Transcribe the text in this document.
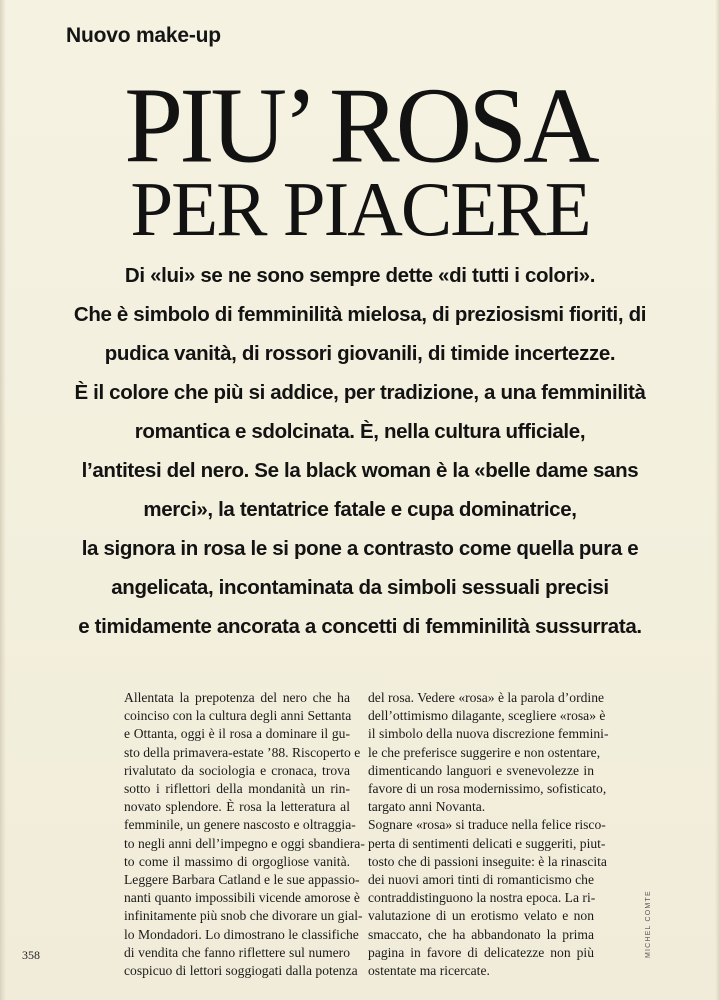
Nuovo make-up
PIU’ ROSA
PER PIACERE
Di «lui» se ne sono sempre dette «di tutti i colori».
Che è simbolo di femminilità mielosa, di preziosismi fioriti, di
pudica vanità, di rossori giovanili, di timide incertezze.
È il colore che più si addice, per tradizione, a una femminilità
romantica e sdolcinata. È, nella cultura ufficiale,
l’antitesi del nero. Se la black woman è la «belle dame sans
merci», la tentatrice fatale e cupa dominatrice,
la signora in rosa le si pone a contrasto come quella pura e
angelicata, incontaminata da simboli sessuali precisi
e timidamente ancorata a concetti di femminilità sussurrata.
Allentata la prepotenza del nero che ha
coinciso con la cultura degli anni Settanta
e Ottanta, oggi è il rosa a dominare il gu-
sto della primavera-estate ’88. Riscoperto e
rivalutato da sociologia e cronaca, trova
sotto i riflettori della mondanità un rin-
novato splendore. È rosa la letteratura al
femminile, un genere nascosto e oltraggia-
to negli anni dell’impegno e oggi sbandiera-
to come il massimo di orgogliose vanità.
Leggere Barbara Catland e le sue appassio-
nanti quanto impossibili vicende amorose è
infinitamente più snob che divorare un gial-
lo Mondadori. Lo dimostrano le classifiche
di vendita che fanno riflettere sul numero
cospicuo di lettori soggiogati dalla potenza
del rosa. Vedere «rosa» è la parola d’ordine
dell’ottimismo dilagante, scegliere «rosa» è
il simbolo della nuova discrezione femmini-
le che preferisce suggerire e non ostentare,
dimenticando languori e svenevolezze in
favore di un rosa modernissimo, sofisticato,
targato anni Novanta.
Sognare «rosa» si traduce nella felice risco-
perta di sentimenti delicati e suggeriti, piut-
tosto che di passioni inseguite: è la rinascita
dei nuovi amori tinti di romanticismo che
contraddistinguono la nostra epoca. La ri-
valutazione di un erotismo velato e non
smaccato, che ha abbandonato la prima
pagina in favore di delicatezze non più
ostentate ma ricercate.
358	MICHEL COMTE
